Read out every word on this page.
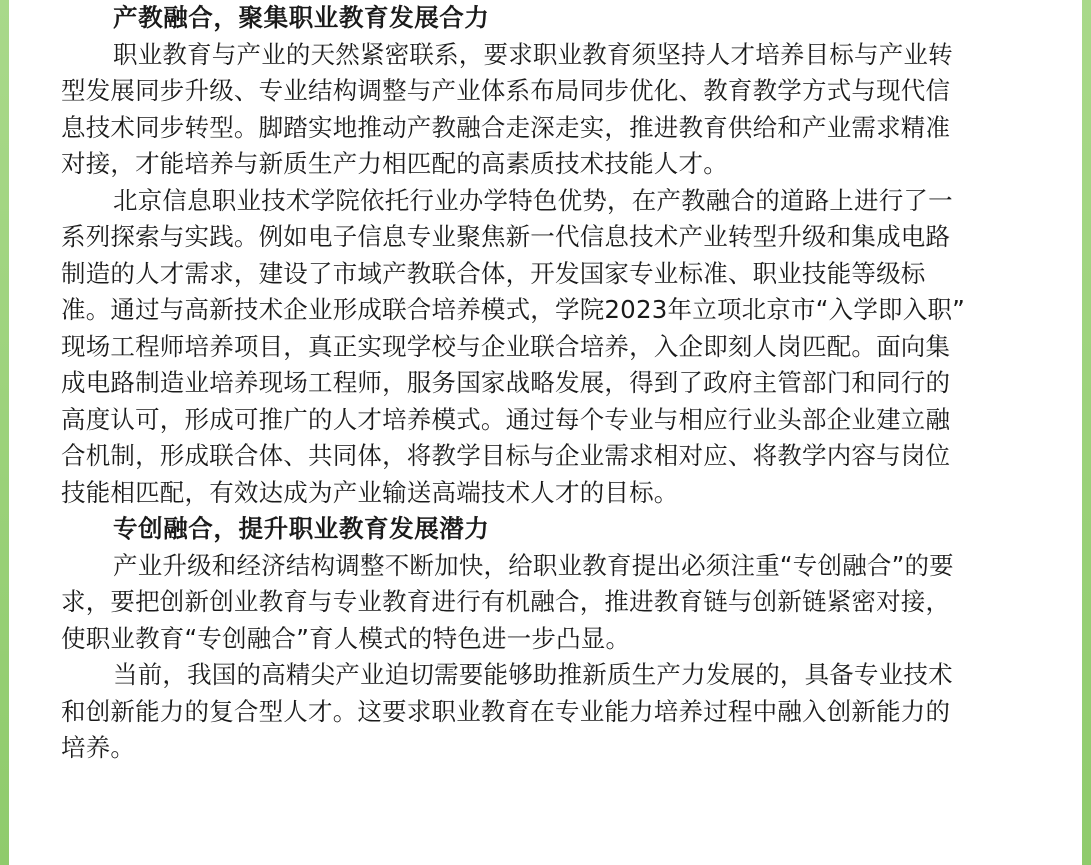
产教融合，聚集职业教育发展合力
职业教育与产业的天然紧密联系，要求职业教育须坚持人才培养目标与产业转
型发展同步升级、专业结构调整与产业体系布局同步优化、教育教学方式与现代信
息技术同步转型。脚踏实地推动产教融合走深走实，推进教育供给和产业需求精准
对接，才能培养与新质生产力相匹配的高素质技术技能人才。
北京信息职业技术学院依托行业办学特色优势，在产教融合的道路上进行了一
系列探索与实践。例如电子信息专业聚焦新一代信息技术产业转型升级和集成电路
制造的人才需求，建设了市域产教联合体，开发国家专业标准、职业技能等级标
准。通过与高新技术企业形成联合培养模式，学院2023年立项北京市“入学即入职”
现场工程师培养项目，真正实现学校与企业联合培养，入企即刻人岗匹配。面向集
成电路制造业培养现场工程师，服务国家战略发展，得到了政府主管部门和同行的
高度认可，形成可推广的人才培养模式。通过每个专业与相应行业头部企业建立融
合机制，形成联合体、共同体，将教学目标与企业需求相对应、将教学内容与岗位
技能相匹配，有效达成为产业输送高端技术人才的目标。
专创融合，提升职业教育发展潜力
产业升级和经济结构调整不断加快，给职业教育提出必须注重“专创融合”的要
求，要把创新创业教育与专业教育进行有机融合，推进教育链与创新链紧密对接，
使职业教育“专创融合”育人模式的特色进一步凸显。
当前，我国的高精尖产业迫切需要能够助推新质生产力发展的，具备专业技术
和创新能力的复合型人才。这要求职业教育在专业能力培养过程中融入创新能力的
培养。
